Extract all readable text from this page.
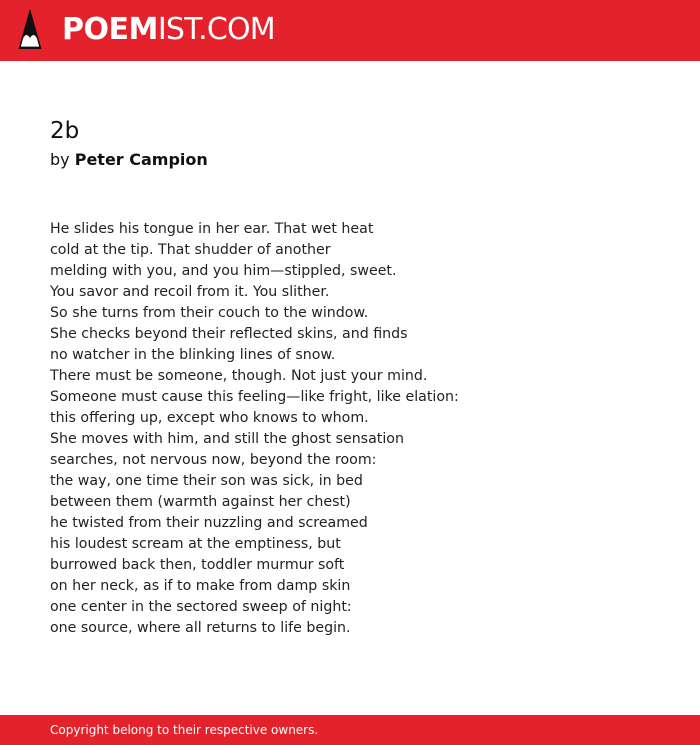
POEMIST.COM
2b
by Peter Campion
He slides his tongue in her ear. That wet heat
cold at the tip. That shudder of another
melding with you, and you him—stippled, sweet.
You savor and recoil from it. You slither.
So she turns from their couch to the window.
She checks beyond their reflected skins, and finds
no watcher in the blinking lines of snow.
There must be someone, though. Not just your mind.
Someone must cause this feeling—like fright, like elation:
this offering up, except who knows to whom.
She moves with him, and still the ghost sensation
searches, not nervous now, beyond the room:
the way, one time their son was sick, in bed
between them (warmth against her chest)
he twisted from their nuzzling and screamed
his loudest scream at the emptiness, but
burrowed back then, toddler murmur soft
on her neck, as if to make from damp skin
one center in the sectored sweep of night:
one source, where all returns to life begin.
Copyright belong to their respective owners.
